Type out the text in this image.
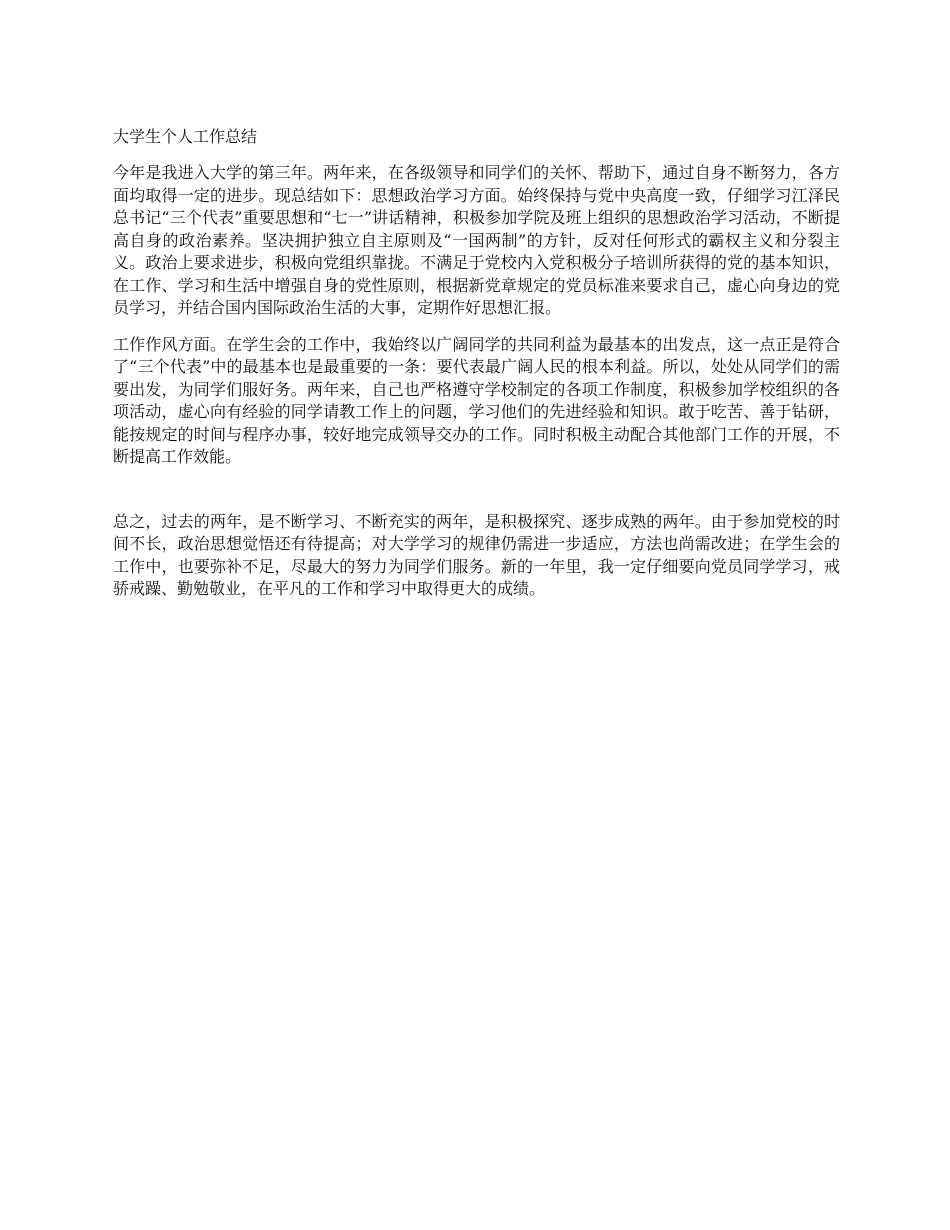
大学生个人工作总结

今年是我进入大学的第三年。两年来，在各级领导和同学们的关怀、帮助下，通过自身不断努力，各方面均取得一定的进步。现总结如下：思想政治学习方面。始终保持与党中央高度一致，仔细学习江泽民总书记“三个代表”重要思想和“七一”讲话精神，积极参加学院及班上组织的思想政治学习活动，不断提高自身的政治素养。坚决拥护独立自主原则及“一国两制”的方针，反对任何形式的霸权主义和分裂主义。政治上要求进步，积极向党组织靠拢。不满足于党校内入党积极分子培训所获得的党的基本知识，在工作、学习和生活中增强自身的党性原则，根据新党章规定的党员标准来要求自己，虚心向身边的党员学习，并结合国内国际政治生活的大事，定期作好思想汇报。

工作作风方面。在学生会的工作中，我始终以广阔同学的共同利益为最基本的出发点，这一点正是符合了“三个代表”中的最基本也是最重要的一条：要代表最广阔人民的根本利益。所以，处处从同学们的需要出发，为同学们服好务。两年来，自己也严格遵守学校制定的各项工作制度，积极参加学校组织的各项活动，虚心向有经验的同学请教工作上的问题，学习他们的先进经验和知识。敢于吃苦、善于钻研，能按规定的时间与程序办事，较好地完成领导交办的工作。同时积极主动配合其他部门工作的开展，不断提高工作效能。

总之，过去的两年，是不断学习、不断充实的两年，是积极探究、逐步成熟的两年。由于参加党校的时间不长，政治思想觉悟还有待提高；对大学学习的规律仍需进一步适应，方法也尚需改进；在学生会的工作中，也要弥补不足，尽最大的努力为同学们服务。新的一年里，我一定仔细要向党员同学学习，戒骄戒躁、勤勉敬业，在平凡的工作和学习中取得更大的成绩。
